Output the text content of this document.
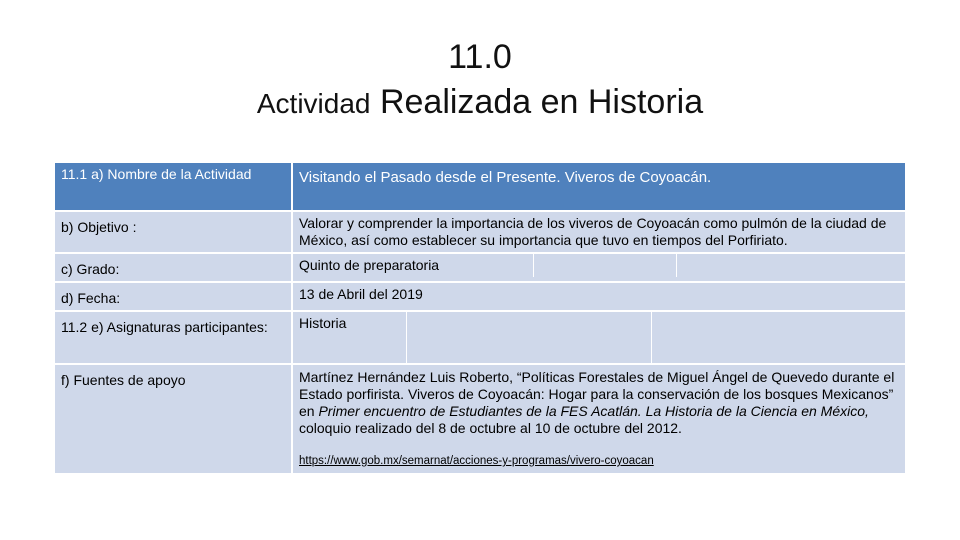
11.0
Actividad Realizada en Historia
11.1 a) Nombre de la Actividad	Visitando el Pasado desde el Presente. Viveros de Coyoacán.
b) Objetivo :	Valorar y comprender la importancia de los viveros de Coyoacán como pulmón de la ciudad de México, así como establecer su importancia que tuvo en tiempos del Porfiriato.
c) Grado:	Quinto de preparatoria

d) Fecha:	13 de Abril del 2019
11.2 e) Asignaturas participantes:	Historia

f) Fuentes de apoyo	Martínez Hernández Luis Roberto, “Políticas Forestales de Miguel Ángel de Quevedo durante el Estado porfirista. Viveros de Coyoacán: Hogar para la conservación de los bosques Mexicanos” en Primer encuentro de Estudiantes de la FES Acatlán. La Historia de la Ciencia en México, coloquio realizado del 8 de octubre al 10 de octubre del 2012.
https://www.gob.mx/semarnat/acciones-y-programas/vivero-coyoacan
